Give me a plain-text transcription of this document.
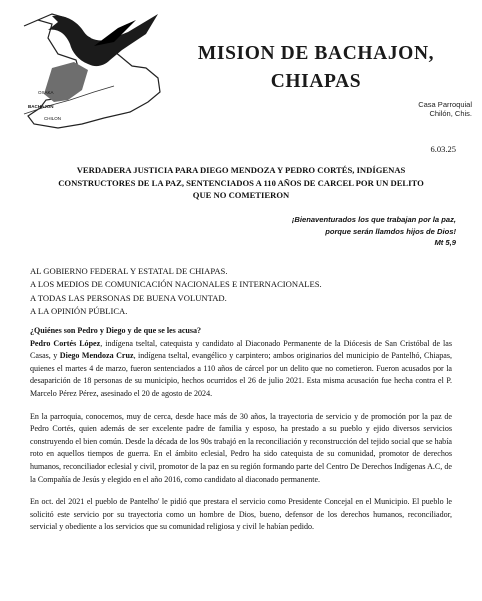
OXAKA
BACHAJON
CHILON
MISION DE BACHAJON,
CHIAPAS
Casa Parroquial
Chilón, Chis.
6.03.25
VERDADERA JUSTICIA PARA DIEGO MENDOZA Y PEDRO CORTÉS, INDÍGENAS
CONSTRUCTORES DE LA PAZ, SENTENCIADOS A 110 AÑOS DE CARCEL POR UN DELITO
QUE NO COMETIERON
¡Bienaventurados los que trabajan por la paz,
porque serán llamdos hijos de Dios!
Mt 5,9
AL GOBIERNO FEDERAL Y ESTATAL DE CHIAPAS.
A LOS MEDIOS DE COMUNICACIÓN NACIONALES E INTERNACIONALES.
A TODAS LAS PERSONAS DE BUENA VOLUNTAD.
A LA OPINIÓN PÚBLICA.

¿Quiénes son Pedro y Diego y de que se les acusa?

Pedro Cortés López, indígena tseltal, catequista y candidato al Diaconado Permanente de la Diócesis de San Cristóbal de las Casas, y Diego Mendoza Cruz, indígena tseltal, evangélico y carpintero; ambos originarios del municipio de Pantelhó, Chiapas, quienes el martes 4 de marzo, fueron sentenciados a 110 años de cárcel por un delito que no cometieron. Fueron acusados por la desaparición de 18 personas de su municipio, hechos ocurridos el 26 de julio 2021. Esta misma acusación fue hecha contra el P. Marcelo Pérez Pérez, asesinado el 20 de agosto de 2024.

En la parroquia, conocemos, muy de cerca, desde hace más de 30 años, la trayectoria de servicio y de promoción por la paz de Pedro Cortés, quien además de ser excelente padre de familia y esposo, ha prestado a su pueblo y ejido diversos servicios construyendo el bien común. Desde la década de los 90s trabajó en la reconciliación y reconstrucción del tejido social que se había roto en aquellos tiempos de guerra. En el ámbito eclesial, Pedro ha sido catequista de su comunidad, promotor de derechos humanos, reconciliador eclesial y civil, promotor de la paz en su región formando parte del Centro De Derechos Indígenas A.C, de la Compañía de Jesús y elegido en el año 2016, como candidato al diaconado permanente.

En oct. del 2021 el pueblo de Pantelho' le pidió que prestara el servicio como Presidente Concejal en el Municipio. El pueblo le solicitó este servicio por su trayectoria como un hombre de Dios, bueno, defensor de los derechos humanos, reconciliador, servicial y obediente a los servicios que su comunidad religiosa y civil le habían pedido.
